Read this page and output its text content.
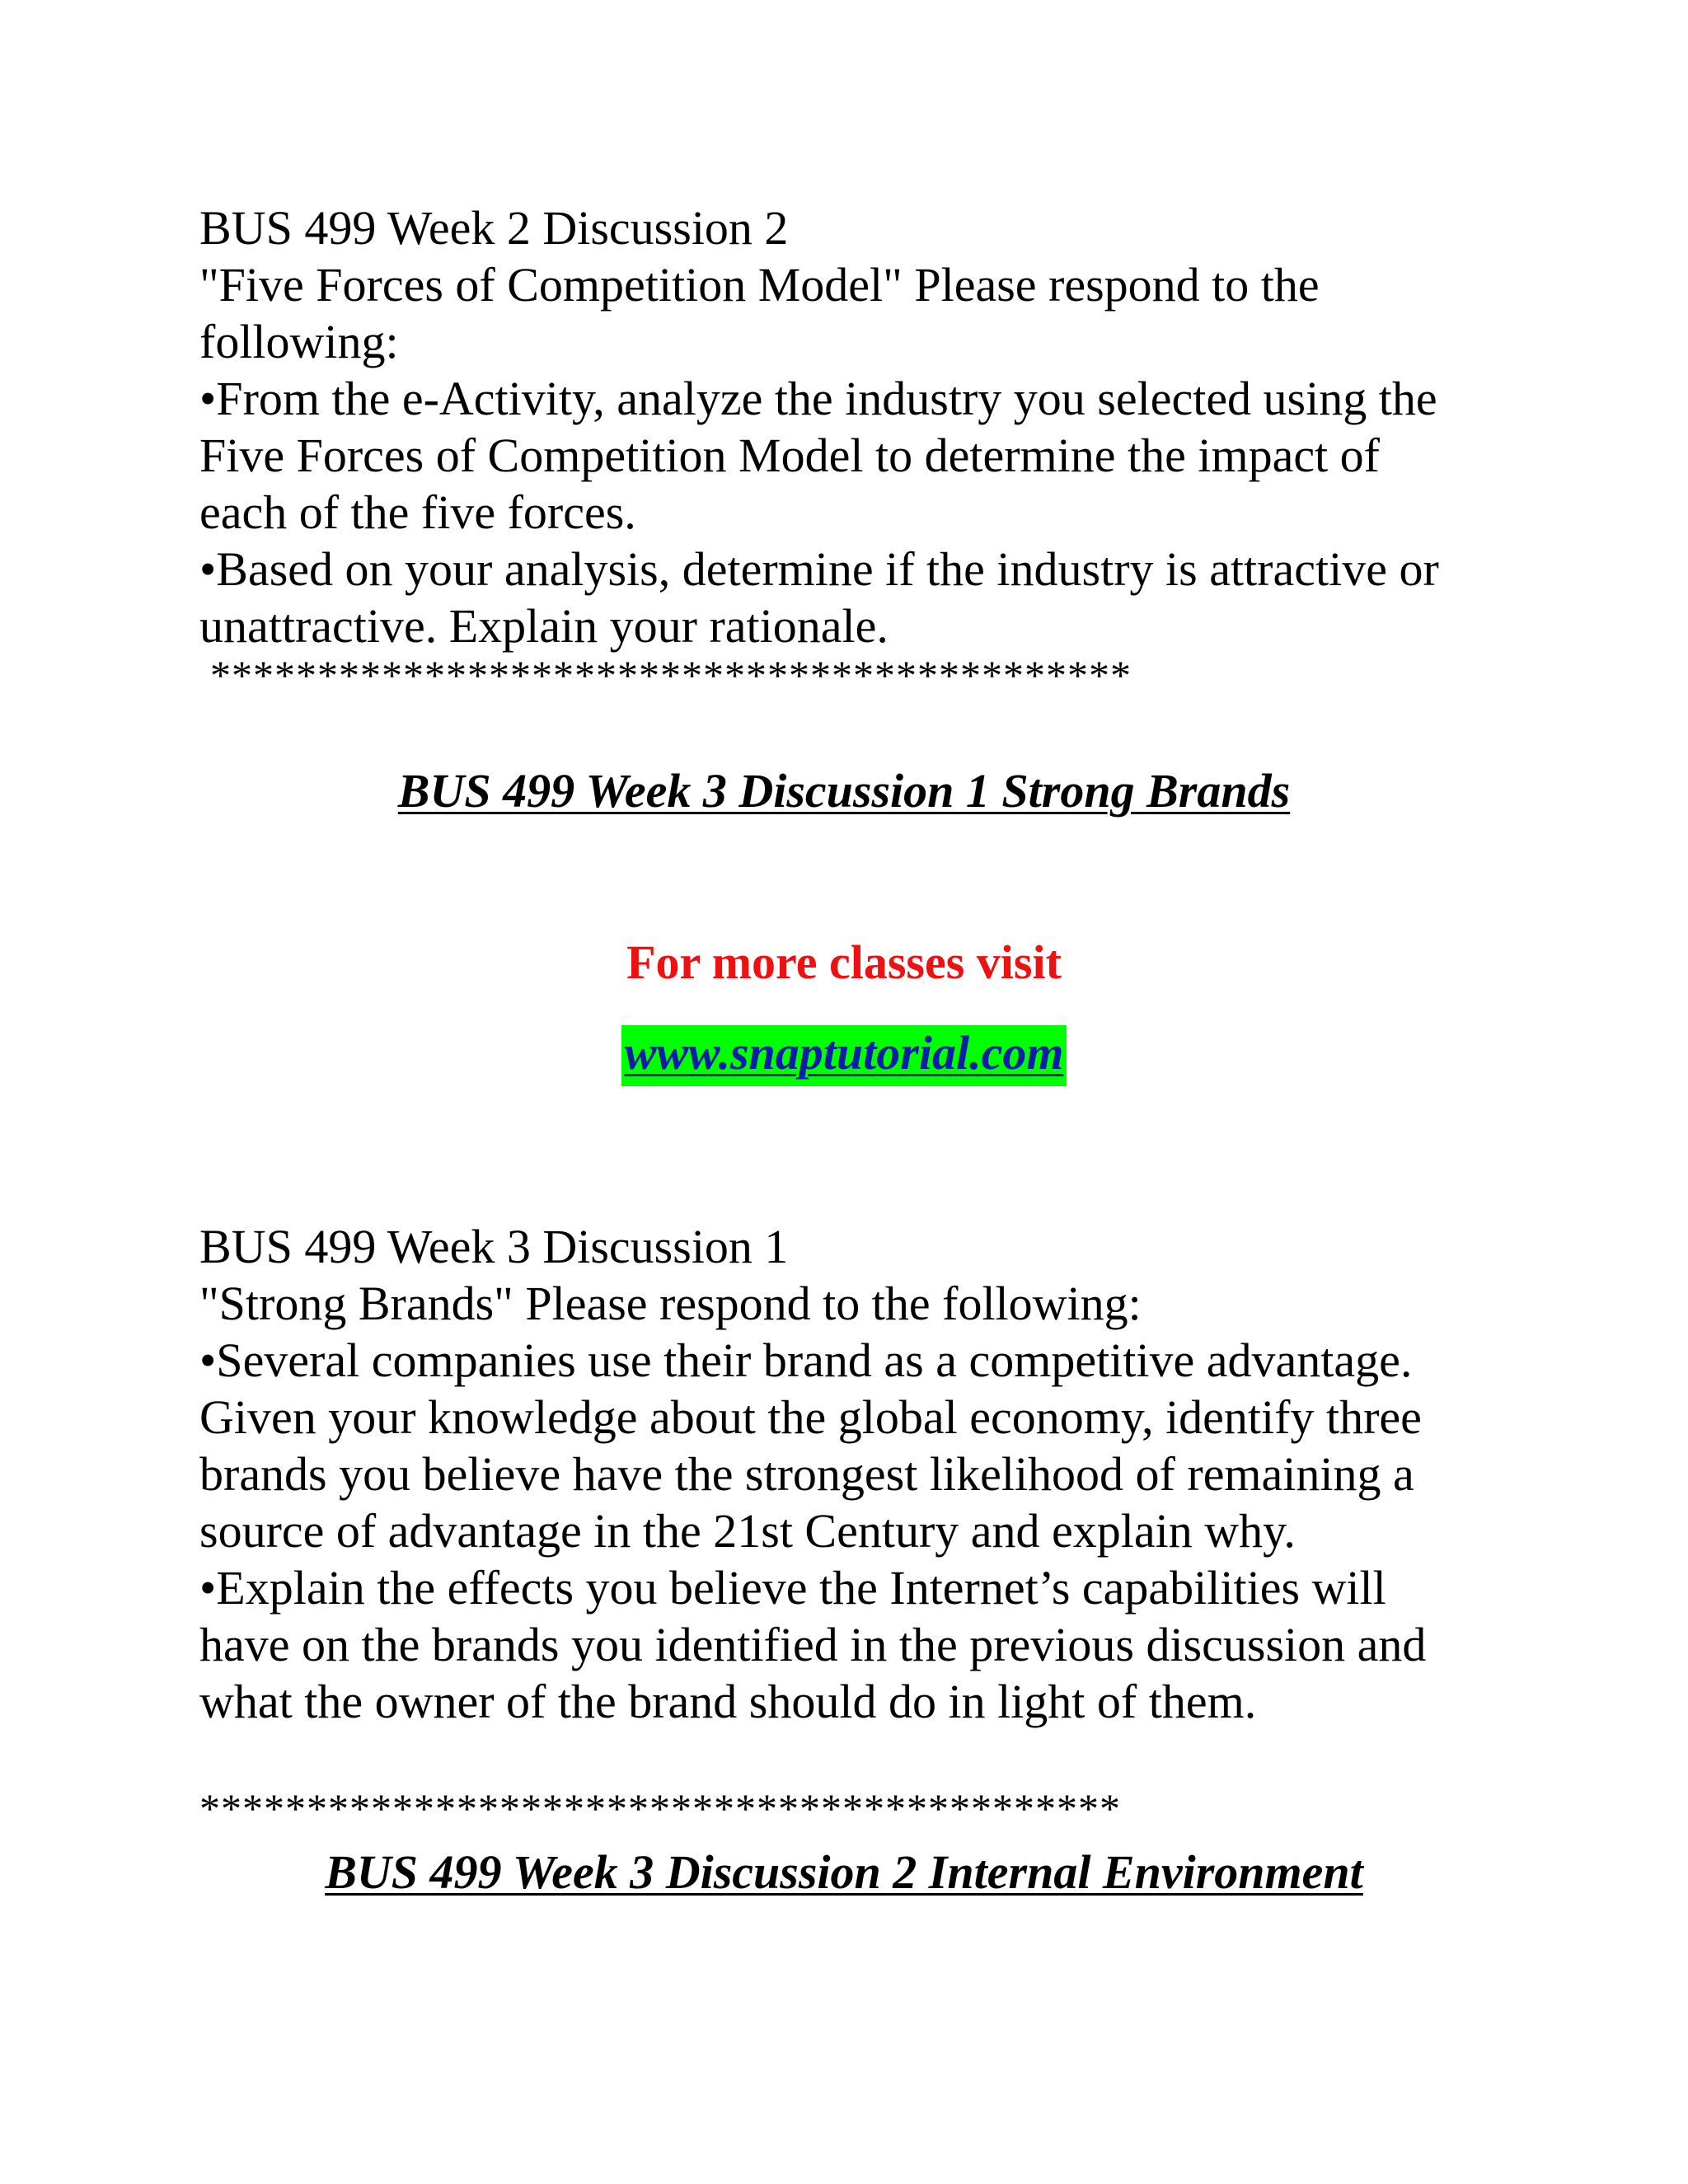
BUS 499 Week 2 Discussion 2

"Five Forces of Competition Model" Please respond to the

following:

•From the e-Activity, analyze the industry you selected using the

Five Forces of Competition Model to determine the impact of

each of the five forces.

•Based on your analysis, determine if the industry is attractive or

unattractive. Explain your rationale.

*******************************************

BUS 499 Week 3 Discussion 1 Strong Brands

For more classes visit

www.snaptutorial.com

BUS 499 Week 3 Discussion 1

"Strong Brands" Please respond to the following:

•Several companies use their brand as a competitive advantage.

Given your knowledge about the global economy, identify three

brands you believe have the strongest likelihood of remaining a

source of advantage in the 21st Century and explain why.

•Explain the effects you believe the Internet’s capabilities will

have on the brands you identified in the previous discussion and

what the owner of the brand should do in light of them.

*******************************************

BUS 499 Week 3 Discussion 2 Internal Environment
